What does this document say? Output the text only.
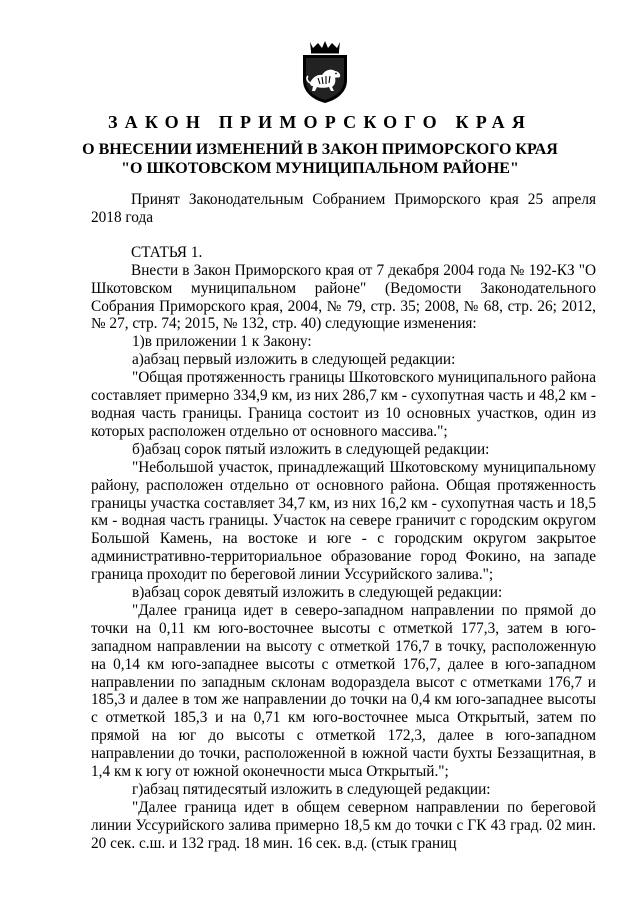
ЗАКОН ПРИМОРСКОГО КРАЯ
О ВНЕСЕНИИ ИЗМЕНЕНИЙ В ЗАКОН ПРИМОРСКОГО КРАЯ
"О ШКОТОВСКОМ МУНИЦИПАЛЬНОМ РАЙОНЕ"

Принят Законодательным Собранием Приморского края 25 апреля 2018 года

СТАТЬЯ 1.

Внести в Закон Приморского края от 7 декабря 2004 года № 192-КЗ "О Шкотовском муниципальном районе" (Ведомости Законодательного Собрания Приморского края, 2004, № 79, стр. 35; 2008, № 68, стр. 26; 2012, № 27, стр. 74; 2015, № 132, стр. 40) следующие изменения:

1)в приложении 1 к Закону:

а)абзац первый изложить в следующей редакции:

"Общая протяженность границы Шкотовского муниципального района составляет примерно 334,9 км, из них 286,7 км - сухопутная часть и 48,2 км - водная часть границы. Граница состоит из 10 основных участков, один из которых расположен отдельно от основного массива.";

б)абзац сорок пятый изложить в следующей редакции:

"Небольшой участок, принадлежащий Шкотовскому муниципальному району, расположен отдельно от основного района. Общая протяженность границы участка составляет 34,7 км, из них 16,2 км - сухопутная часть и 18,5 км - водная часть границы. Участок на севере граничит с городским округом Большой Камень, на востоке и юге - с городским округом закрытое административно-территориальное образование город Фокино, на западе граница проходит по береговой линии Уссурийского залива.";

в)абзац сорок девятый изложить в следующей редакции:

"Далее граница идет в северо-западном направлении по прямой до точки на 0,11 км юго-восточнее высоты с отметкой 177,3, затем в юго-западном направлении на высоту с отметкой 176,7 в точку, расположенную на 0,14 км юго-западнее высоты с отметкой 176,7, далее в юго-западном направлении по западным склонам водораздела высот с отметками 176,7 и 185,3 и далее в том же направлении до точки на 0,4 км юго-западнее высоты с отметкой 185,3 и на 0,71 км юго-восточнее мыса Открытый, затем по прямой на юг до высоты с отметкой 172,3, далее в юго-западном направлении до точки, расположенной в южной части бухты Беззащитная, в 1,4 км к югу от южной оконечности мыса Открытый.";

г)абзац пятидесятый изложить в следующей редакции:

"Далее граница идет в общем северном направлении по береговой линии Уссурийского залива примерно 18,5 км до точки с ГК 43 град. 02 мин. 20 сек. с.ш. и 132 град. 18 мин. 16 сек. в.д. (стык границ
